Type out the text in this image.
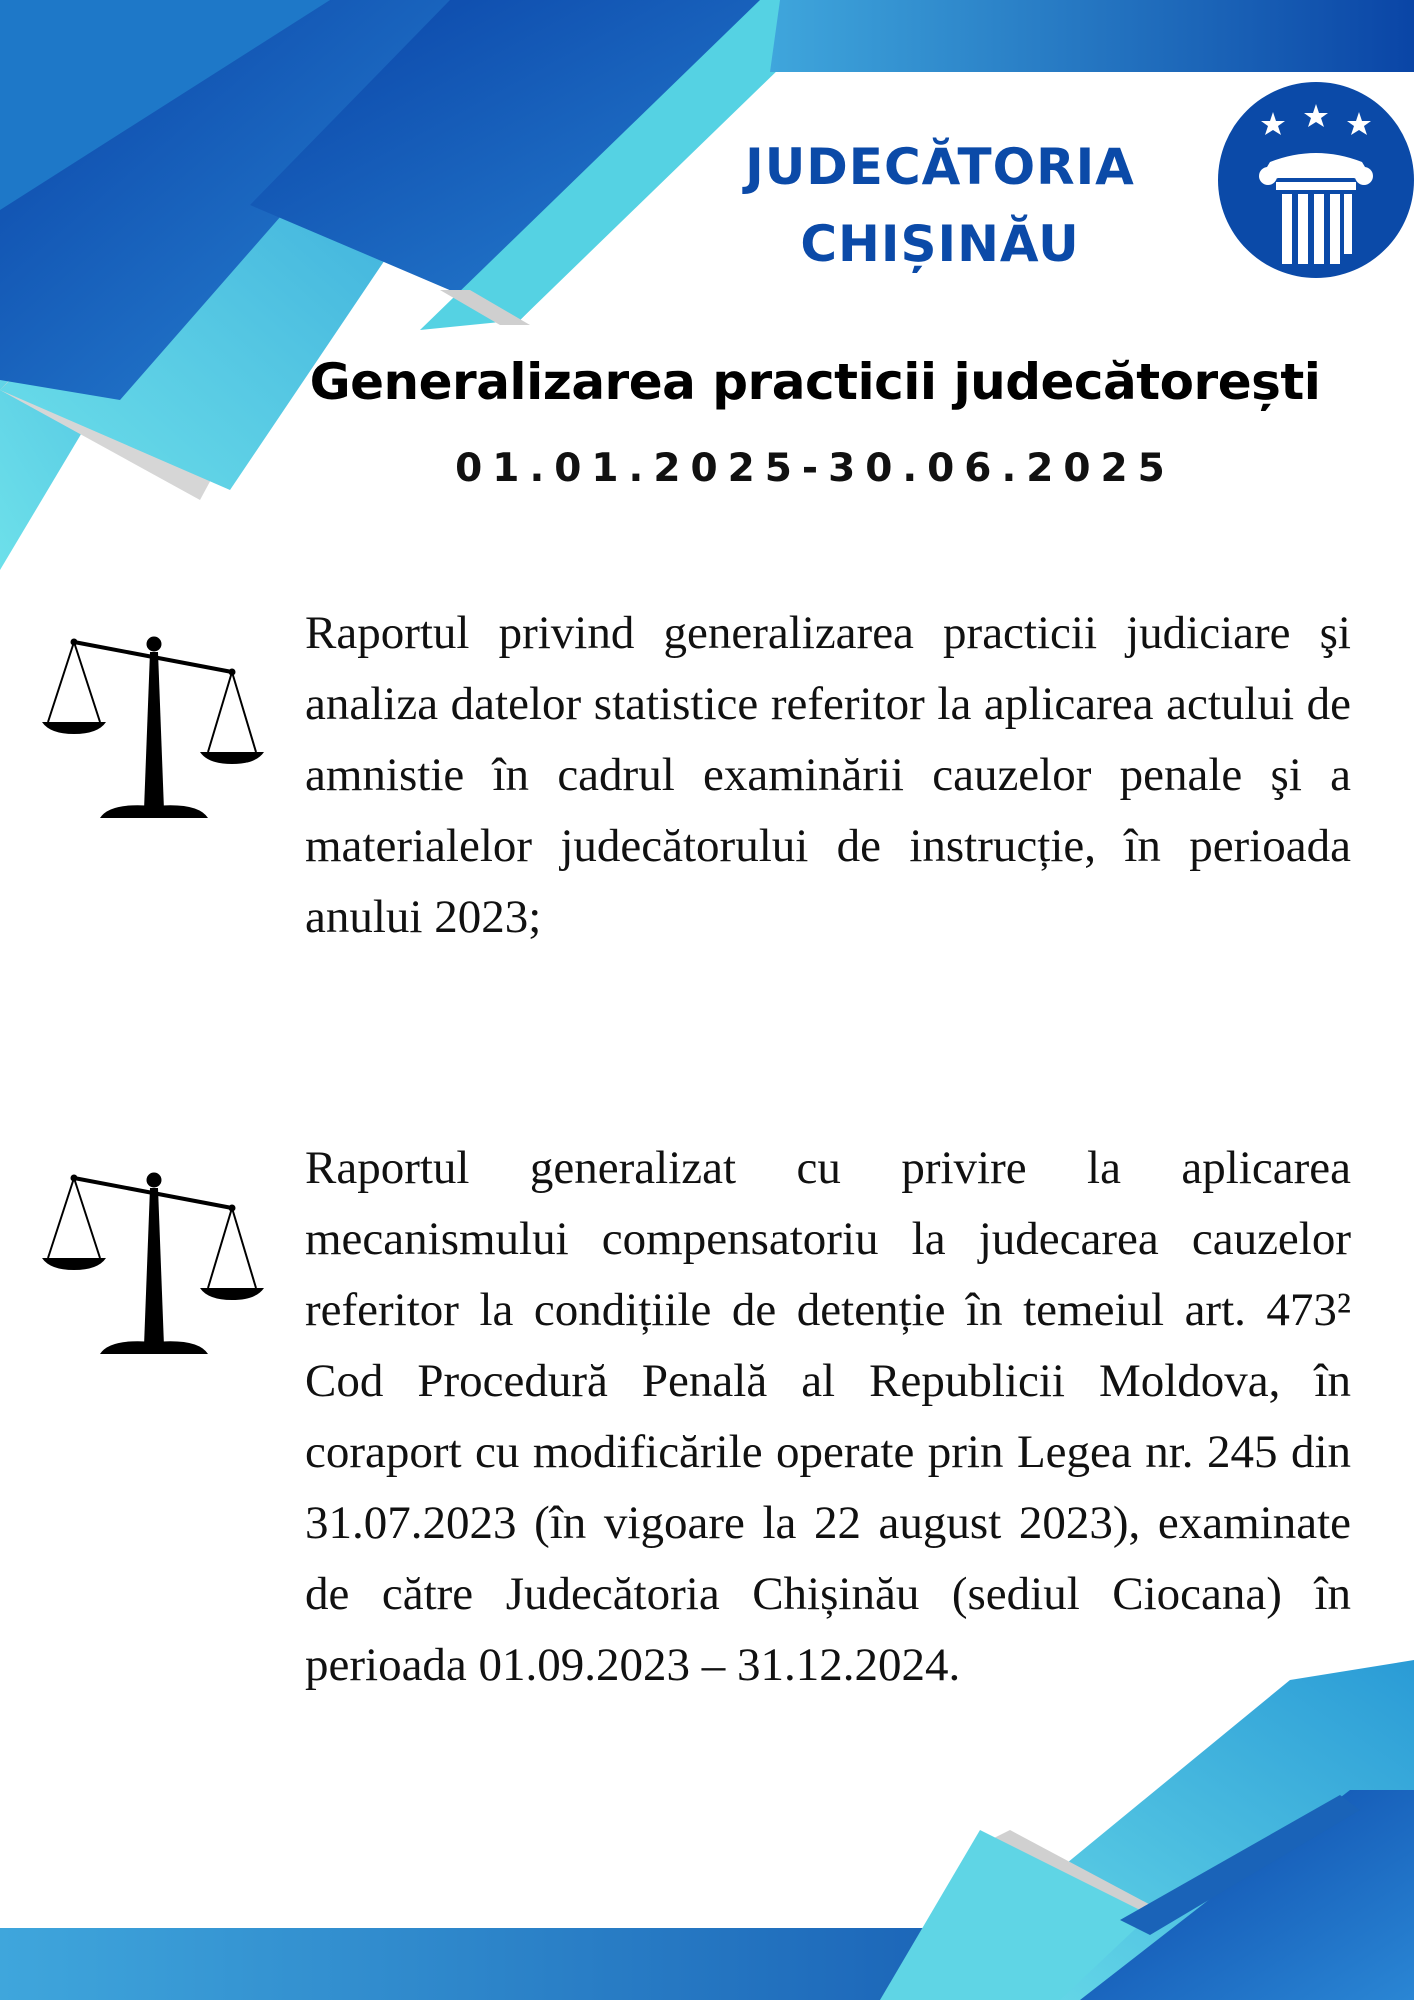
JUDECĂTORIA
CHIȘINĂU
Generalizarea practicii judecătorești
01.01.2025-30.06.2025
Raportul privind generalizarea practicii judiciare şi analiza datelor statistice referitor la aplicarea actului de amnistie în cadrul examinării cauzelor penale şi a materialelor judecătorului de instrucție, în perioada anului 2023;
Raportul generalizat cu privire la aplicarea mecanismului compensatoriu la judecarea cauzelor referitor la condițiile de detenție în temeiul art. 473² Cod Procedură Penală al Republicii Moldova, în coraport cu modificările operate prin Legea nr. 245 din 31.07.2023 (în vigoare la 22 august 2023), examinate de către Judecătoria Chișinău (sediul Ciocana) în perioada 01.09.2023 – 31.12.2024.
